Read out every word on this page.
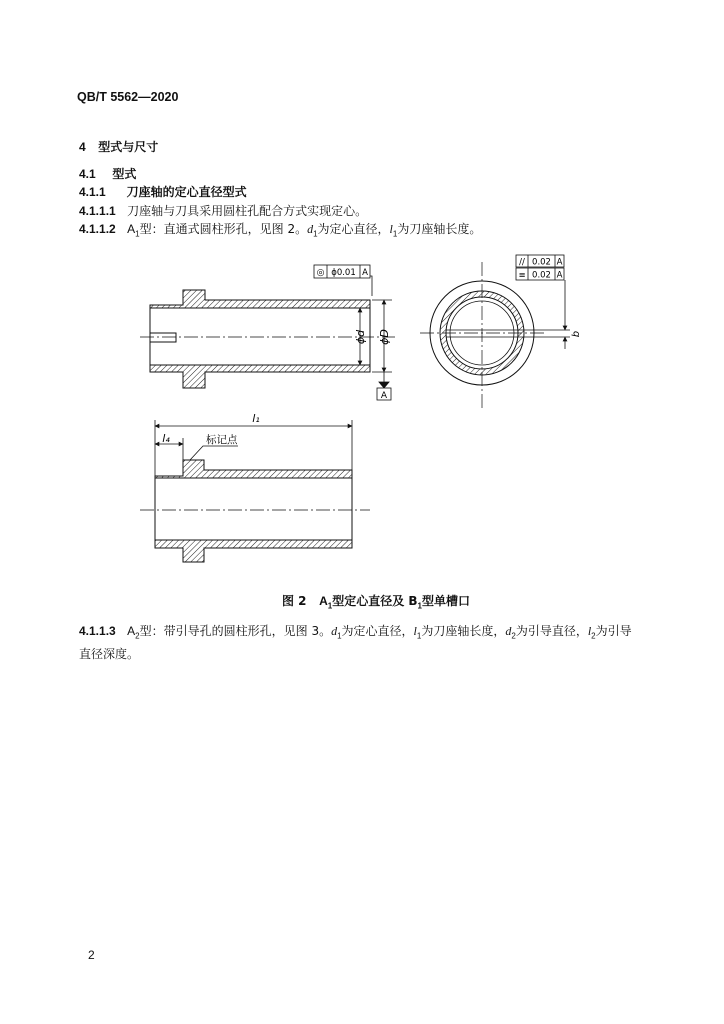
QB/T 5562—2020
4 型式与尺寸
4.1 型式
4.1.1 刀座轴的定心直径型式
4.1.1.1 刀座轴与刀具采用圆柱孔配合方式实现定心。
4.1.1.2 $A_1$型：直通式圆柱形孔，见图 2。$d_1$为定心直径，$l_1$为刀座轴长度。
ϕd ϕD
A
◎ ϕ0.01 A
b
// 0.02 A
≡ 0.02 A
l₁
l₄	标记点
图 2 $A_1$型定心直径及 $B_1$型单槽口
4.1.1.3 $A_2$型：带引导孔的圆柱形孔，见图 3。$d_1$为定心直径，$l_1$为刀座轴长度，$d_2$为引导直径，$l_2$为引导直径深度。
2
